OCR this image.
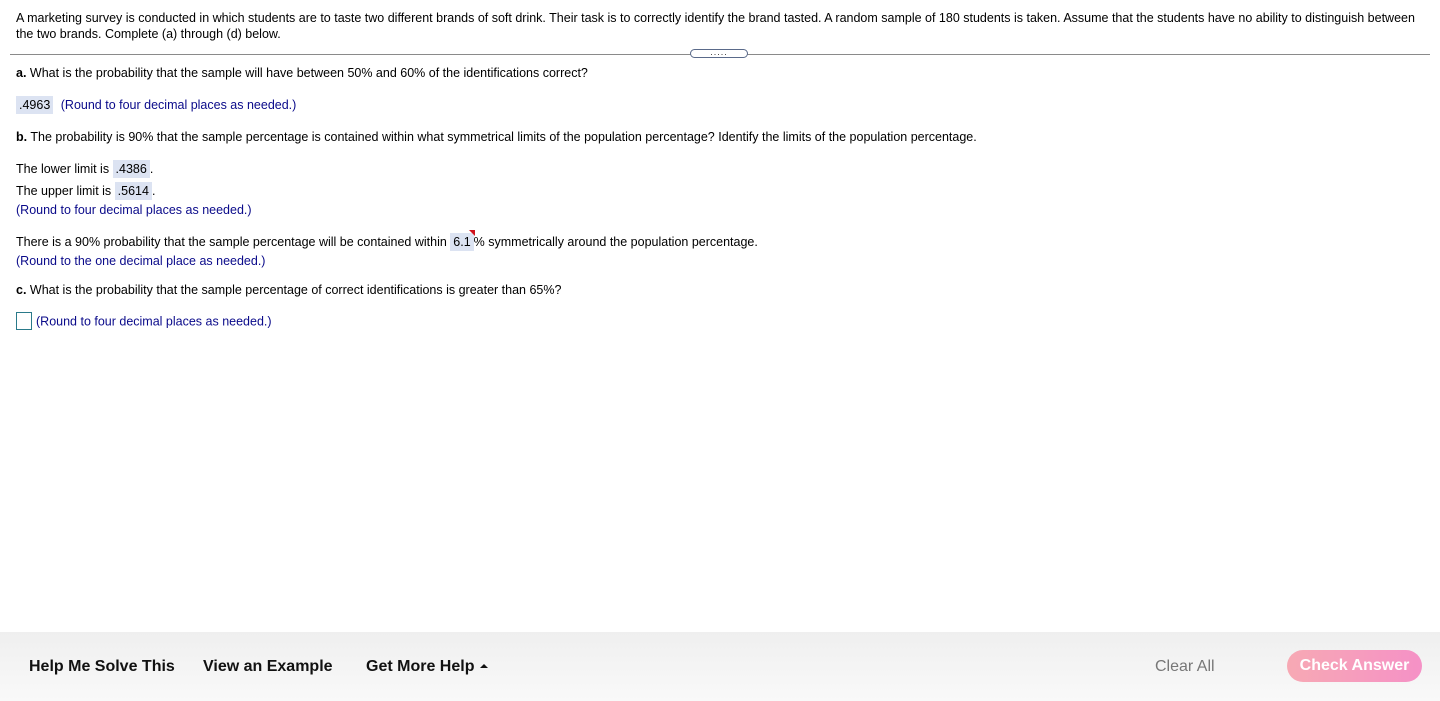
A marketing survey is conducted in which students are to taste two different brands of soft drink. Their task is to correctly identify the brand tasted. A random sample of 180 students is taken. Assume that the students have no ability to distinguish between the two brands. Complete (a) through (d) below.
.....
a. What is the probability that the sample will have between 50% and 60% of the identifications correct?
.4963 (Round to four decimal places as needed.)
b. The probability is 90% that the sample percentage is contained within what symmetrical limits of the population percentage? Identify the limits of the population percentage.
The lower limit is .4386 .
The upper limit is .5614 .
(Round to four decimal places as needed.)
There is a 90% probability that the sample percentage will be contained within 6.1 % symmetrically around the population percentage.
(Round to the one decimal place as needed.)
c. What is the probability that the sample percentage of correct identifications is greater than 65%?
(Round to four decimal places as needed.)
Help Me Solve This View an Example Get More Help	Clear All	Check Answer
